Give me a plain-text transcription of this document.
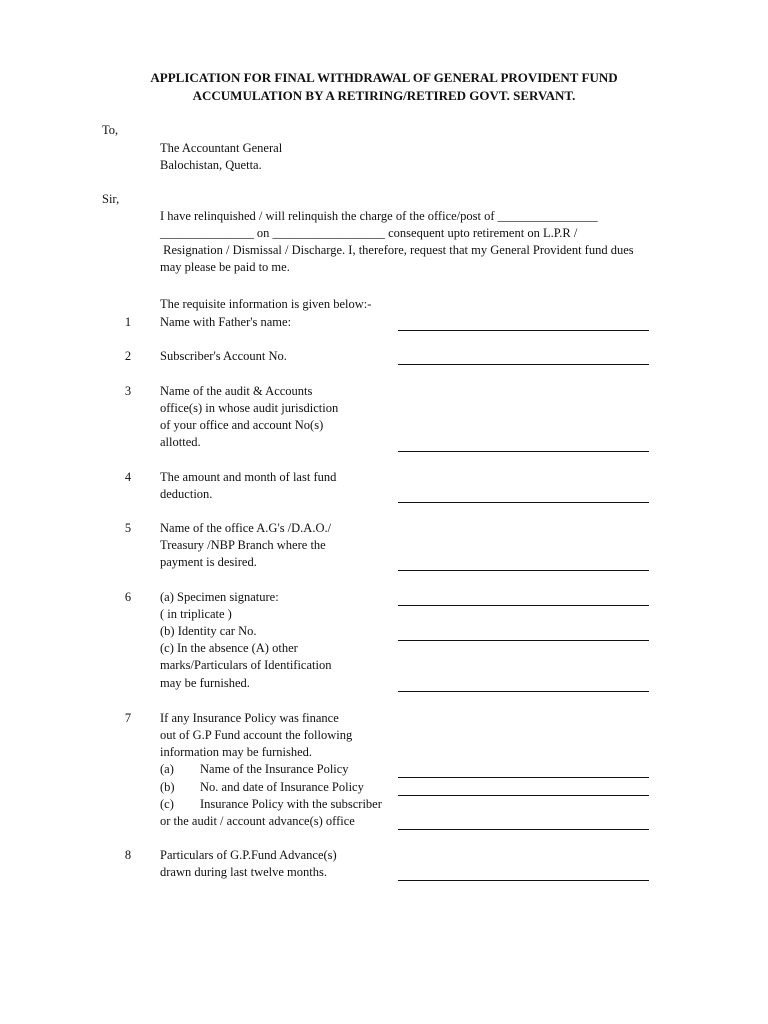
APPLICATION FOR FINAL WITHDRAWAL OF GENERAL PROVIDENT FUND
ACCUMULATION BY A RETIRING/RETIRED GOVT. SERVANT.
To,
The Accountant General
Balochistan, Quetta.
Sir,
I have relinquished / will relinquish the charge of the office/post of ________________
_______________ on __________________ consequent upto retirement on L.P.R /
Resignation / Dismissal / Discharge. I, therefore, request that my General Provident fund dues
may please be paid to me.
The requisite information is given below:-
1	Name with Father's name:
2	Subscriber's Account No.
3	Name of the audit & Accounts
office(s) in whose audit jurisdiction
of your office and account No(s)
allotted.
4	The amount and month of last fund
deduction.
5	Name of the office A.G's /D.A.O./
Treasury /NBP Branch where the
payment is desired.
6	(a) Specimen signature:
( in triplicate )
(b) Identity car No.
(c) In the absence (A) other
marks/Particulars of Identification
may be furnished.
7	If any Insurance Policy was finance
out of G.P Fund account the following
information may be furnished.
(a) Name of the Insurance Policy
(b) No. and date of Insurance Policy
(c) Insurance Policy with the subscriber
or the audit / account advance(s) office
8	Particulars of G.P.Fund Advance(s)
drawn during last twelve months.
